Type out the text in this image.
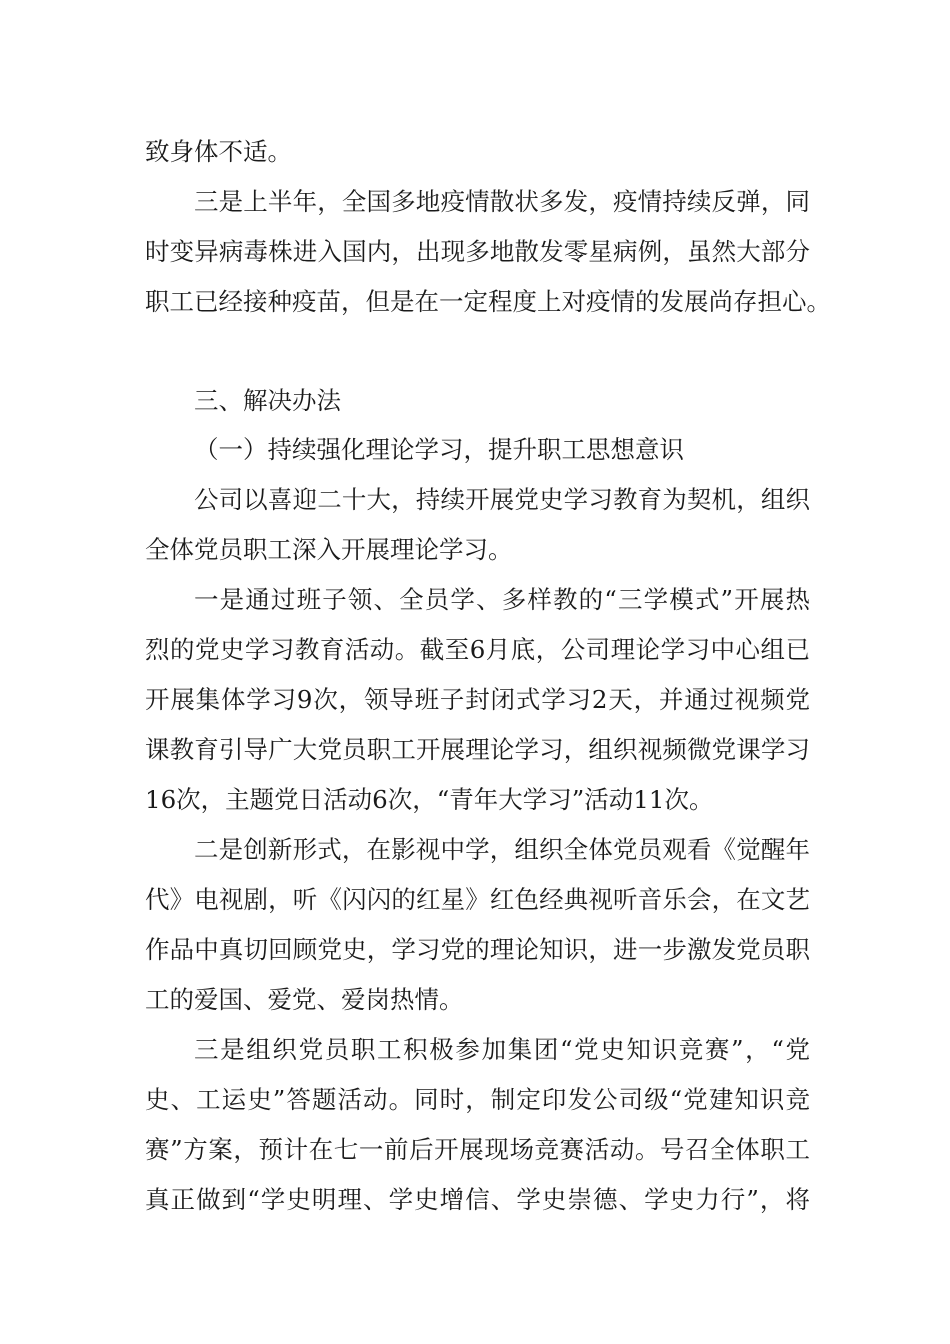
致身体不适。
三是上半年，全国多地疫情散状多发，疫情持续反弹，同
时变异病毒株进入国内，出现多地散发零星病例，虽然大部分
职工已经接种疫苗，但是在一定程度上对疫情的发展尚存担心。
三、解决办法
（一）持续强化理论学习，提升职工思想意识
公司以喜迎二十大，持续开展党史学习教育为契机，组织
全体党员职工深入开展理论学习。
一是通过班子领、全员学、多样教的“三学模式”开展热
烈的党史学习教育活动。截至6月底，公司理论学习中心组已
开展集体学习9次，领导班子封闭式学习2天，并通过视频党
课教育引导广大党员职工开展理论学习，组织视频微党课学习
16次，主题党日活动6次，“青年大学习”活动11次。
二是创新形式，在影视中学，组织全体党员观看《觉醒年
代》电视剧，听《闪闪的红星》红色经典视听音乐会，在文艺
作品中真切回顾党史，学习党的理论知识，进一步激发党员职
工的爱国、爱党、爱岗热情。
三是组织党员职工积极参加集团“党史知识竞赛”，“党
史、工运史”答题活动。同时，制定印发公司级“党建知识竞
赛”方案，预计在七一前后开展现场竞赛活动。号召全体职工
真正做到“学史明理、学史增信、学史崇德、学史力行”，将
